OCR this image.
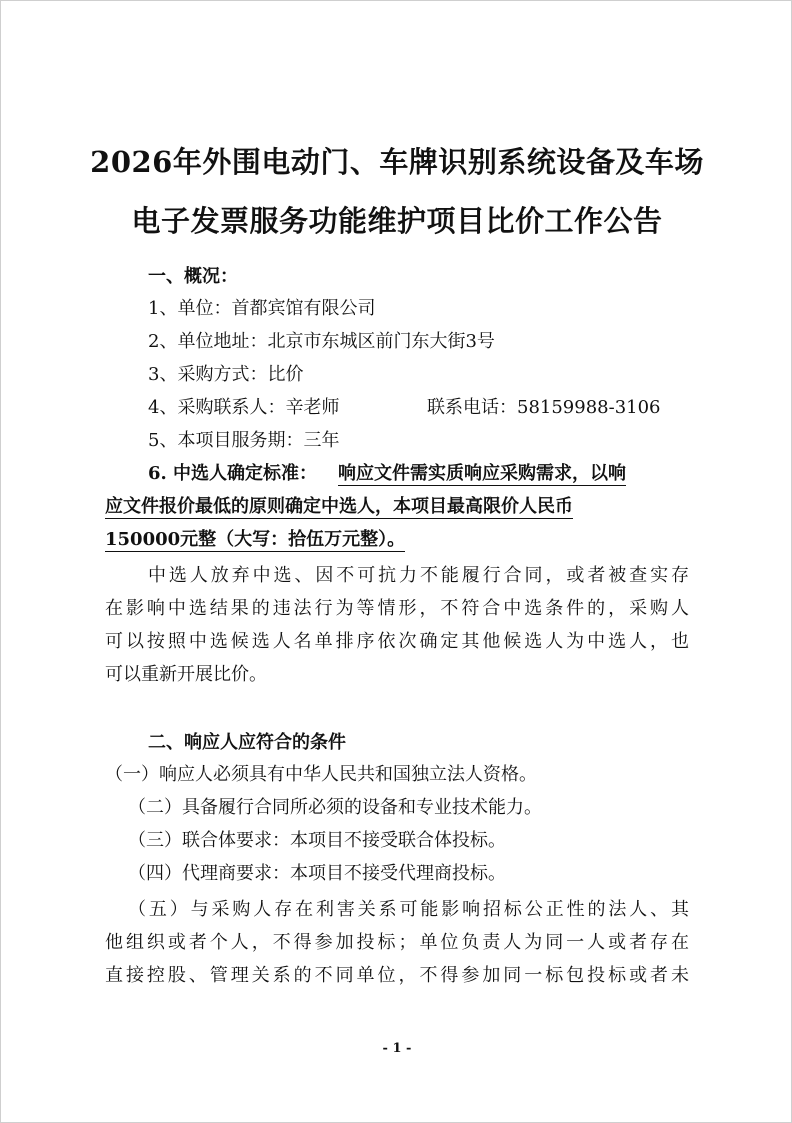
2026年外围电动门、车牌识别系统设备及车场
电子发票服务功能维护项目比价工作公告
一、概况：
1、单位：首都宾馆有限公司
2、单位地址：北京市东城区前门东大街3号
3、采购方式：比价
4、采购联系人：辛老师	联系电话：58159988-3106
5、本项目服务期：三年
6. 中选人确定标准： 响应文件需实质响应采购需求，以响
应文件报价最低的原则确定中选人，本项目最高限价人民币
150000元整（大写：拾伍万元整）。
中选人放弃中选、因不可抗力不能履行合同，或者被查实存
在影响中选结果的违法行为等情形，不符合中选条件的，采购人
可以按照中选候选人名单排序依次确定其他候选人为中选人，也
可以重新开展比价。
二、响应人应符合的条件
（一）响应人必须具有中华人民共和国独立法人资格。
（二）具备履行合同所必须的设备和专业技术能力。
（三）联合体要求：本项目不接受联合体投标。
（四）代理商要求：本项目不接受代理商投标。
（五）与采购人存在利害关系可能影响招标公正性的法人、其
他组织或者个人，不得参加投标；单位负责人为同一人或者存在
直接控股、管理关系的不同单位，不得参加同一标包投标或者未
- 1 -
